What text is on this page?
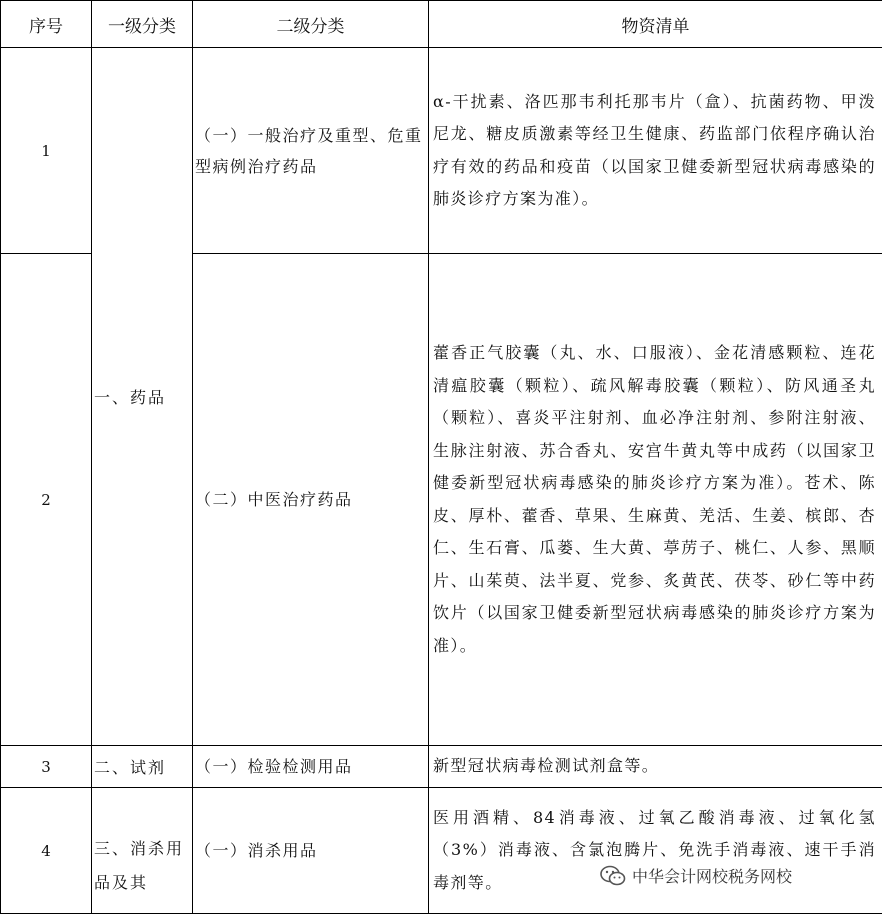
序号	一级分类	二级分类	物资清单
1	一、药品	（一）一般治疗及重型、危重型病例治疗药品	α-干扰素、洛匹那韦利托那韦片（盒）、抗菌药物、甲泼尼龙、糖皮质激素等经卫生健康、药监部门依程序确认治疗有效的药品和疫苗（以国家卫健委新型冠状病毒感染的肺炎诊疗方案为准）。
2		（二）中医治疗药品	藿香正气胶囊（丸、水、口服液）、金花清感颗粒、连花清瘟胶囊（颗粒）、疏风解毒胶囊（颗粒）、防风通圣丸（颗粒）、喜炎平注射剂、血必净注射剂、参附注射液、生脉注射液、苏合香丸、安宫牛黄丸等中成药（以国家卫健委新型冠状病毒感染的肺炎诊疗方案为准）。苍术、陈皮、厚朴、藿香、草果、生麻黄、羌活、生姜、槟郎、杏仁、生石膏、瓜蒌、生大黄、葶苈子、桃仁、人参、黑顺片、山茱萸、法半夏、党参、炙黄芪、茯苓、砂仁等中药饮片（以国家卫健委新型冠状病毒感染的肺炎诊疗方案为准）。
3	二、试剂	（一）检验检测用品	新型冠状病毒检测试剂盒等。
4	三、消杀用品及其	（一）消杀用品	医用酒精、84消毒液、过氧乙酸消毒液、过氧化氢（3%）消毒液、含氯泡腾片、免洗手消毒液、速干手消毒剂等。	中华会计网校税务网校
